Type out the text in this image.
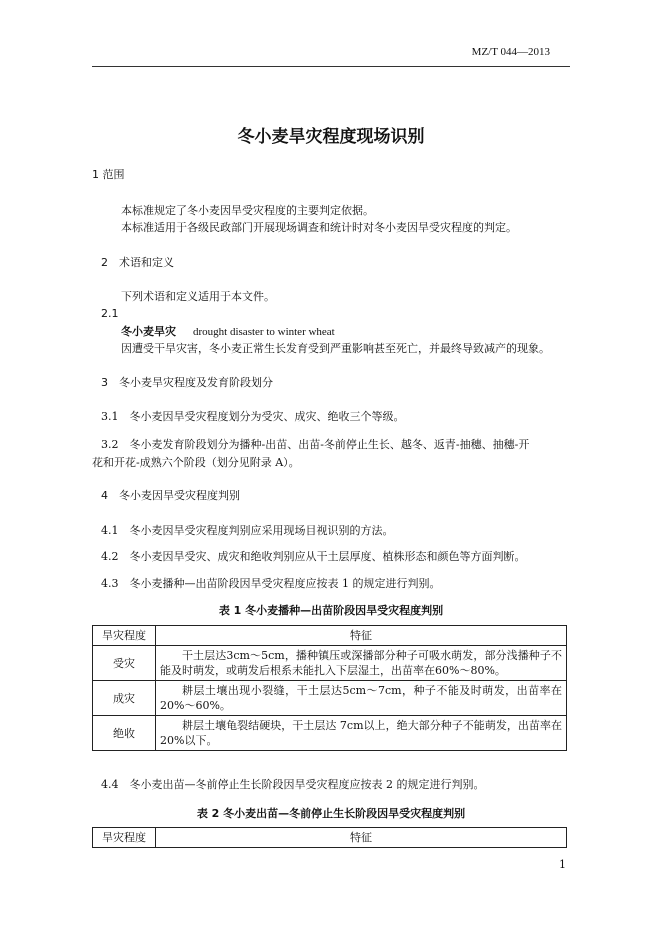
MZ/T 044—2013
冬小麦旱灾程度现场识别
1 范围
本标准规定了冬小麦因旱受灾程度的主要判定依据。
本标准适用于各级民政部门开展现场调查和统计时对冬小麦因旱受灾程度的判定。
2　术语和定义
下列术语和定义适用于本文件。
2.1
冬小麦旱灾 drought disaster to winter wheat
因遭受干旱灾害，冬小麦正常生长发育受到严重影响甚至死亡，并最终导致减产的现象。
3　冬小麦旱灾程度及发育阶段划分
3.1　冬小麦因旱受灾程度划分为受灾、成灾、绝收三个等级。
3.2　冬小麦发育阶段划分为播种-出苗、出苗-冬前停止生长、越冬、返青-抽穗、抽穗-开
花和开花-成熟六个阶段（划分见附录 A）。
4　冬小麦因旱受灾程度判别
4.1　冬小麦因旱受灾程度判别应采用现场目视识别的方法。
4.2　冬小麦因旱受灾、成灾和绝收判别应从干土层厚度、植株形态和颜色等方面判断。
4.3　冬小麦播种—出苗阶段因旱受灾程度应按表 1 的规定进行判别。
表 1 冬小麦播种—出苗阶段因旱受灾程度判别
旱灾程度	特征
受灾	干土层达3cm～5cm，播种镇压或深播部分种子可吸水萌发，部分浅播种子不能及时萌发，或萌发后根系未能扎入下层湿土，出苗率在60%～80%。
成灾	耕层土壤出现小裂缝，干土层达5cm～7cm，种子不能及时萌发，出苗率在20%～60%。
绝收	耕层土壤龟裂结硬块，干土层达 7cm以上，绝大部分种子不能萌发，出苗率在20%以下。
4.4　冬小麦出苗—冬前停止生长阶段因旱受灾程度应按表 2 的规定进行判别。
表 2 冬小麦出苗—冬前停止生长阶段因旱受灾程度判别
旱灾程度	特征
1
